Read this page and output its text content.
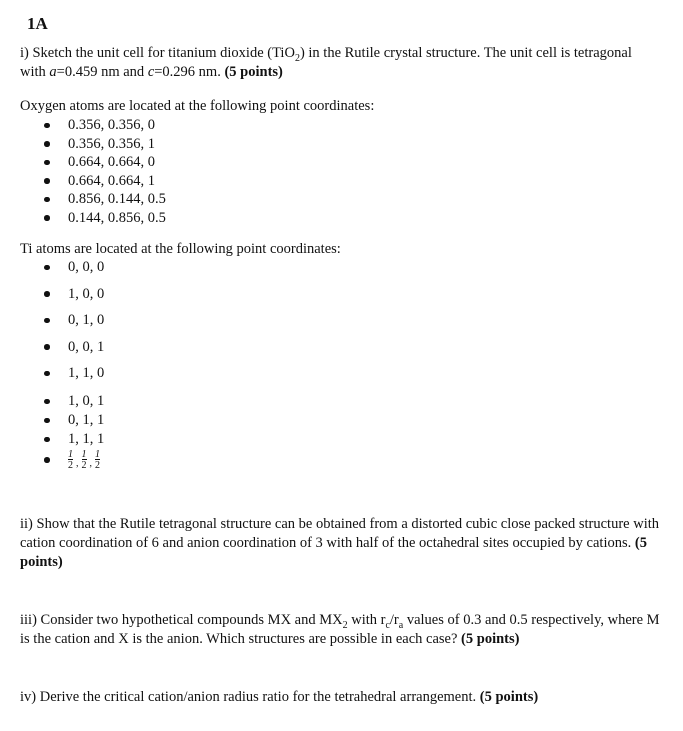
1A
i) Sketch the unit cell for titanium dioxide (TiO$_2$) in the Rutile crystal structure. The unit cell is tetragonal
with a=0.459 nm and c=0.296 nm. (5 points)
Oxygen atoms are located at the following point coordinates:
0.356, 0.356, 0
0.356, 0.356, 1
0.664, 0.664, 0
0.664, 0.664, 1
0.856, 0.144, 0.5
0.144, 0.856, 0.5
Ti atoms are located at the following point coordinates:
0, 0, 0
1, 0, 0
0, 1, 0
0, 0, 1
1, 1, 0
1, 0, 1
0, 1, 1
1, 1, 1
$\frac{1}{2}$ , $\frac{1}{2}$ , $\frac{1}{2}$
ii) Show that the Rutile tetragonal structure can be obtained from a distorted cubic close packed structure with cation coordination of 6 and anion coordination of 3 with half of the octahedral sites occupied by cations. (5 points)
iii) Consider two hypothetical compounds MX and $MX_2$ with $r_c/r_a$ values of 0.3 and 0.5 respectively, where M is the cation and X is the anion. Which structures are possible in each case? (5 points)
iv) Derive the critical cation/anion radius ratio for the tetrahedral arrangement. (5 points)
